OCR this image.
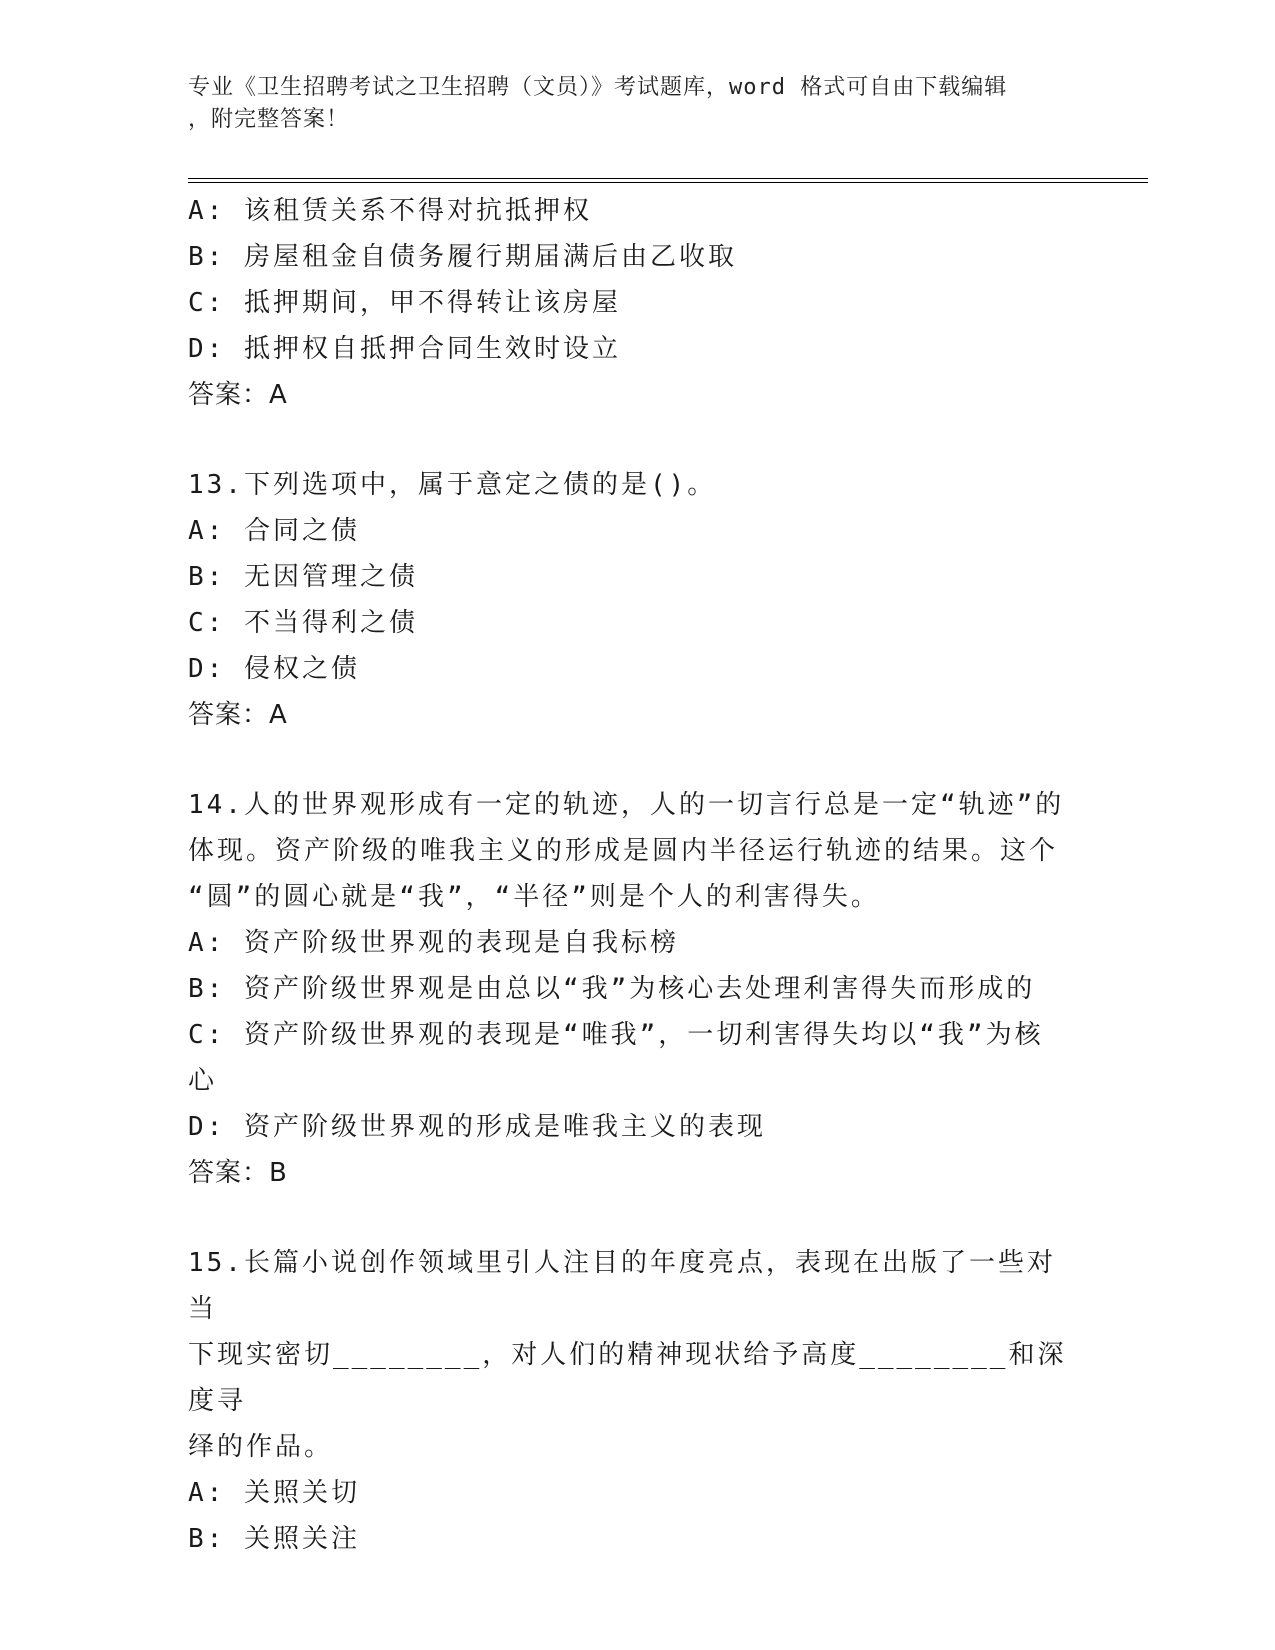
专业《卫生招聘考试之卫生招聘（文员）》考试题库，word 格式可自由下载编辑
，附完整答案！
A: 该租赁关系不得对抗抵押权
B: 房屋租金自债务履行期届满后由乙收取
C: 抵押期间，甲不得转让该房屋
D: 抵押权自抵押合同生效时设立
答案：A
13.下列选项中，属于意定之债的是()。
A: 合同之债
B: 无因管理之债
C: 不当得利之债
D: 侵权之债
答案：A
14.人的世界观形成有一定的轨迹，人的一切言行总是一定“轨迹”的
体现。资产阶级的唯我主义的形成是圆内半径运行轨迹的结果。这个
“圆”的圆心就是“我”，“半径”则是个人的利害得失。
A: 资产阶级世界观的表现是自我标榜
B: 资产阶级世界观是由总以“我”为核心去处理利害得失而形成的
C: 资产阶级世界观的表现是“唯我”，一切利害得失均以“我”为核
心
D: 资产阶级世界观的形成是唯我主义的表现
答案：B
15.长篇小说创作领域里引人注目的年度亮点，表现在出版了一些对当
下现实密切________，对人们的精神现状给予高度________和深度寻
绎的作品。
A: 关照关切
B: 关照关注
